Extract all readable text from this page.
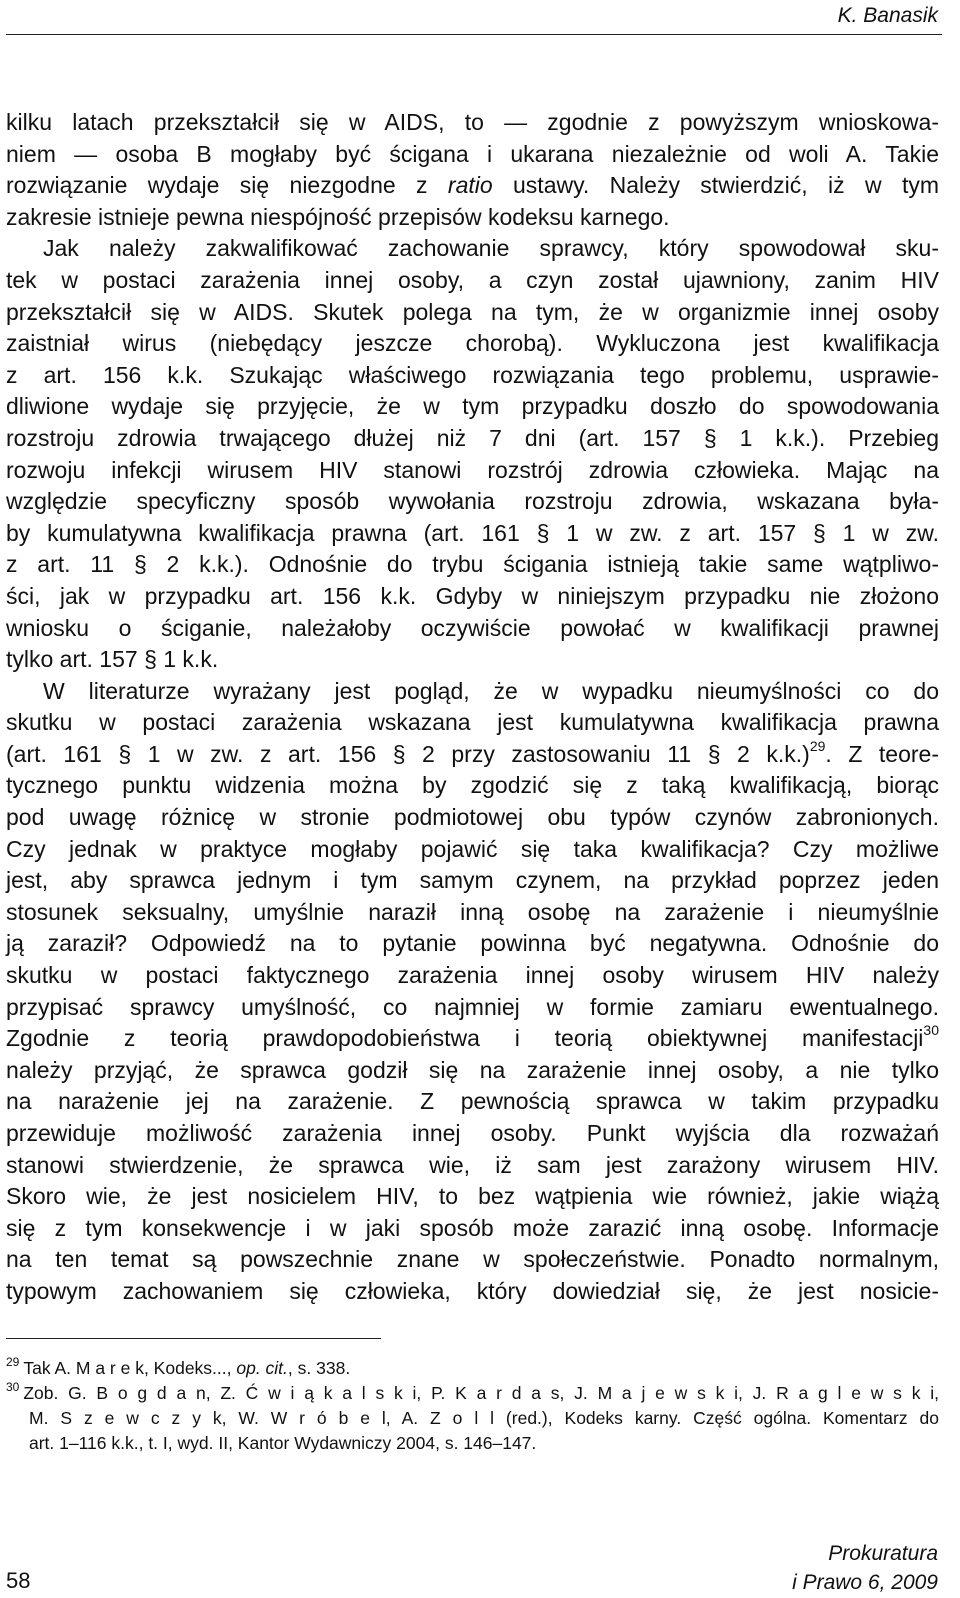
K. Banasik
kilku latach przekształcił się w AIDS, to — zgodnie z powyższym wnioskowa-
niem — osoba B mogłaby być ścigana i ukarana niezależnie od woli A. Takie
rozwiązanie wydaje się niezgodne z ratio ustawy. Należy stwierdzić, iż w tym
zakresie istnieje pewna niespójność przepisów kodeksu karnego.
Jak należy zakwalifikować zachowanie sprawcy, który spowodował sku-
tek w postaci zarażenia innej osoby, a czyn został ujawniony, zanim HIV
przekształcił się w AIDS. Skutek polega na tym, że w organizmie innej osoby
zaistniał wirus (niebędący jeszcze chorobą). Wykluczona jest kwalifikacja
z art. 156 k.k. Szukając właściwego rozwiązania tego problemu, usprawie-
dliwione wydaje się przyjęcie, że w tym przypadku doszło do spowodowania
rozstroju zdrowia trwającego dłużej niż 7 dni (art. 157 § 1 k.k.). Przebieg
rozwoju infekcji wirusem HIV stanowi rozstrój zdrowia człowieka. Mając na
względzie specyficzny sposób wywołania rozstroju zdrowia, wskazana była-
by kumulatywna kwalifikacja prawna (art. 161 § 1 w zw. z art. 157 § 1 w zw.
z art. 11 § 2 k.k.). Odnośnie do trybu ścigania istnieją takie same wątpliwo-
ści, jak w przypadku art. 156 k.k. Gdyby w niniejszym przypadku nie złożono
wniosku o ściganie, należałoby oczywiście powołać w kwalifikacji prawnej
tylko art. 157 § 1 k.k.
W literaturze wyrażany jest pogląd, że w wypadku nieumyślności co do
skutku w postaci zarażenia wskazana jest kumulatywna kwalifikacja prawna
(art. 161 § 1 w zw. z art. 156 § 2 przy zastosowaniu 11 § 2 k.k.)$^{29}$. Z teore-
tycznego punktu widzenia można by zgodzić się z taką kwalifikacją, biorąc
pod uwagę różnicę w stronie podmiotowej obu typów czynów zabronionych.
Czy jednak w praktyce mogłaby pojawić się taka kwalifikacja? Czy możliwe
jest, aby sprawca jednym i tym samym czynem, na przykład poprzez jeden
stosunek seksualny, umyślnie naraził inną osobę na zarażenie i nieumyślnie
ją zaraził? Odpowiedź na to pytanie powinna być negatywna. Odnośnie do
skutku w postaci faktycznego zarażenia innej osoby wirusem HIV należy
przypisać sprawcy umyślność, co najmniej w formie zamiaru ewentualnego.
Zgodnie z teorią prawdopodobieństwa i teorią obiektywnej manifestacji$^{30}$
należy przyjąć, że sprawca godził się na zarażenie innej osoby, a nie tylko
na narażenie jej na zarażenie. Z pewnością sprawca w takim przypadku
przewiduje możliwość zarażenia innej osoby. Punkt wyjścia dla rozważań
stanowi stwierdzenie, że sprawca wie, iż sam jest zarażony wirusem HIV.
Skoro wie, że jest nosicielem HIV, to bez wątpienia wie również, jakie wiążą
się z tym konsekwencje i w jaki sposób może zarazić inną osobę. Informacje
na ten temat są powszechnie znane w społeczeństwie. Ponadto normalnym,
typowym zachowaniem się człowieka, który dowiedział się, że jest nosicie-
$^{29}$ Tak A. M a r e k, Kodeks..., op. cit., s. 338.
$^{30}$ Zob. G. B o g d a n, Z. Ć w i ą k a l s k i, P. K a r d a s, J. M a j e w s k i, J. R a g l e w s k i,
M. S z e w c z y k, W. W r ó b e l, A. Z o l l (red.), Kodeks karny. Część ogólna. Komentarz do
art. 1–116 k.k., t. I, wyd. II, Kantor Wydawniczy 2004, s. 146–147.
58
Prokuratura
i Prawo 6, 2009
